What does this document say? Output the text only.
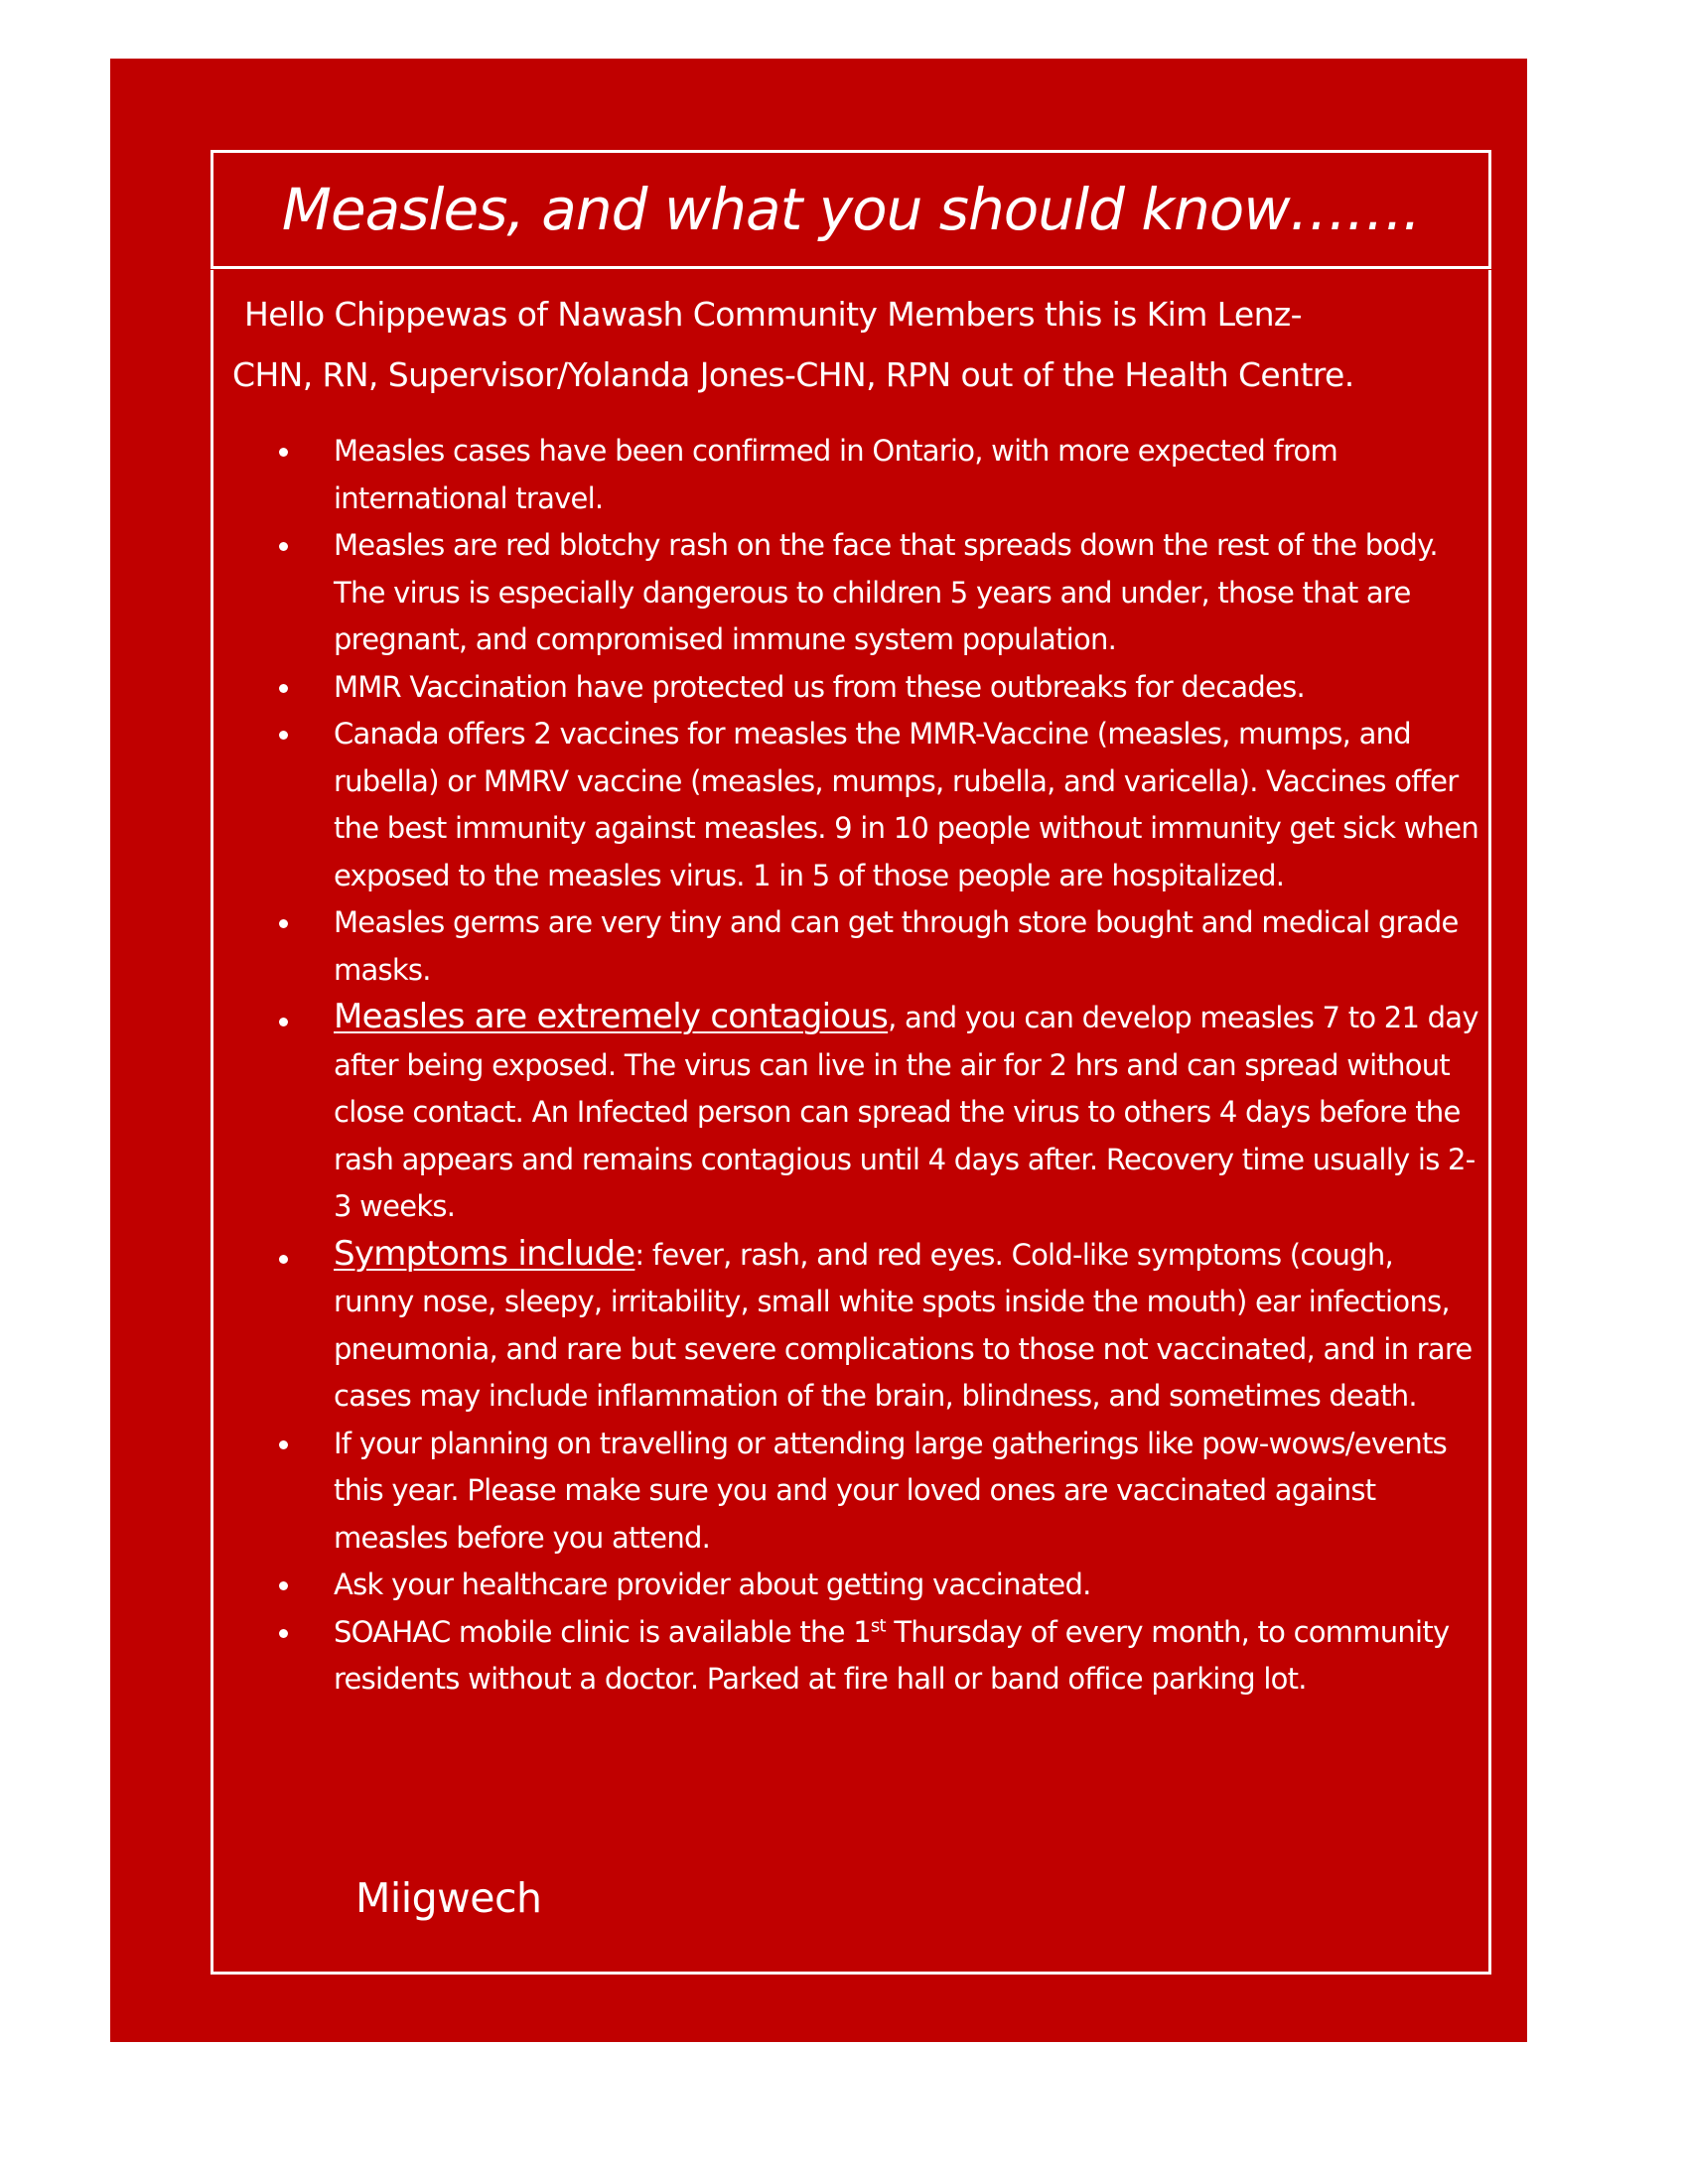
Measles, and what you should know…….
Hello Chippewas of Nawash Community Members this is Kim Lenz-
CHN, RN, Supervisor/Yolanda Jones-CHN, RPN out of the Health Centre.
Measles cases have been confirmed in Ontario, with more expected from international travel.
Measles are red blotchy rash on the face that spreads down the rest of the body. The virus is especially dangerous to children 5 years and under, those that are pregnant, and compromised immune system population.
MMR Vaccination have protected us from these outbreaks for decades.
Canada offers 2 vaccines for measles the MMR-Vaccine (measles, mumps, and rubella) or MMRV vaccine (measles, mumps, rubella, and varicella). Vaccines offer the best immunity against measles. 9 in 10 people without immunity get sick when exposed to the measles virus. 1 in 5 of those people are hospitalized.
Measles germs are very tiny and can get through store bought and medical grade masks.
Measles are extremely contagious, and you can develop measles 7 to 21 day after being exposed. The virus can live in the air for 2 hrs and can spread without close contact. An Infected person can spread the virus to others 4 days before the rash appears and remains contagious until 4 days after. Recovery time usually is 2-3 weeks.
Symptoms include: fever, rash, and red eyes. Cold-like symptoms (cough, runny nose, sleepy, irritability, small white spots inside the mouth) ear infections, pneumonia, and rare but severe complications to those not vaccinated, and in rare cases may include inflammation of the brain, blindness, and sometimes death.
If your planning on travelling or attending large gatherings like pow-wows/events this year. Please make sure you and your loved ones are vaccinated against measles before you attend.
Ask your healthcare provider about getting vaccinated.
SOAHAC mobile clinic is available the 1st Thursday of every month, to community residents without a doctor. Parked at fire hall or band office parking lot.
Miigwech
